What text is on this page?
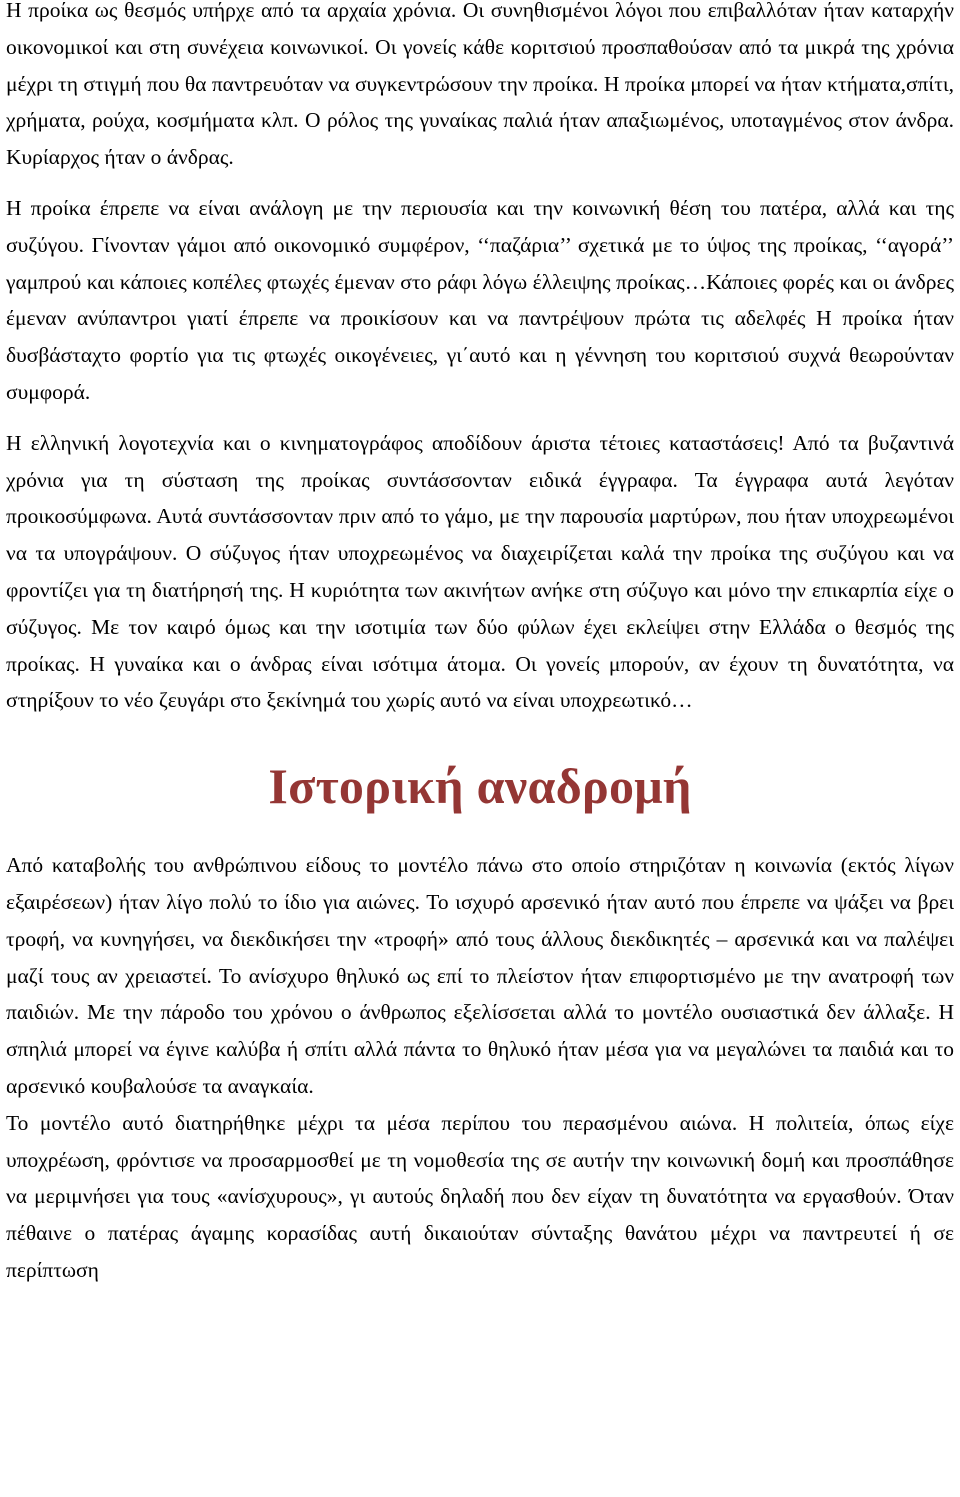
Η προίκα ως θεσμός υπήρχε από τα αρχαία χρόνια. Οι συνηθισμένοι λόγοι που επιβαλλόταν ήταν καταρχήν οικονομικοί και στη συνέχεια κοινωνικοί. Οι γονείς κάθε κοριτσιού προσπαθούσαν από τα μικρά της χρόνια μέχρι τη στιγμή που θα παντρευόταν να συγκεντρώσουν την προίκα. Η προίκα μπορεί να ήταν κτήματα,σπίτι, χρήματα, ρούχα, κοσμήματα κλπ. Ο ρόλος της γυναίκας παλιά ήταν απαξιωμένος, υποταγμένος στον άνδρα. Κυρίαρχος ήταν ο άνδρας.

Η προίκα έπρεπε να είναι ανάλογη με την περιουσία και την κοινωνική θέση του πατέρα, αλλά και της συζύγου. Γίνονταν γάμοι από οικονομικό συμφέρον, ‘‘παζάρια’’ σχετικά με το ύψος της προίκας, ‘‘αγορά’’ γαμπρού και κάποιες κοπέλες φτωχές έμεναν στο ράφι λόγω έλλειψης προίκας…Κάποιες φορές και οι άνδρες έμεναν ανύπαντροι γιατί έπρεπε να προικίσουν και να παντρέψουν πρώτα τις αδελφές Η προίκα ήταν δυσβάσταχτο φορτίο για τις φτωχές οικογένειες, γι΄αυτό και η γέννηση του κοριτσιού συχνά θεωρούνταν συμφορά.

Η ελληνική λογοτεχνία και ο κινηματογράφος αποδίδουν άριστα τέτοιες καταστάσεις! Από τα βυζαντινά χρόνια για τη σύσταση της προίκας συντάσσονταν ειδικά έγγραφα. Τα έγγραφα αυτά λεγόταν προικοσύμφωνα. Αυτά συντάσσονταν πριν από το γάμο, με την παρουσία μαρτύρων, που ήταν υποχρεωμένοι να τα υπογράψουν. Ο σύζυγος ήταν υποχρεωμένος να διαχειρίζεται καλά την προίκα της συζύγου και να φροντίζει για τη διατήρησή της. Η κυριότητα των ακινήτων ανήκε στη σύζυγο και μόνο την επικαρπία είχε ο σύζυγος. Με τον καιρό όμως και την ισοτιμία των δύο φύλων έχει εκλείψει στην Ελλάδα ο θεσμός της προίκας. Η γυναίκα και ο άνδρας είναι ισότιμα άτομα. Οι γονείς μπορούν, αν έχουν τη δυνατότητα, να στηρίξουν το νέο ζευγάρι στο ξεκίνημά του χωρίς αυτό να είναι υποχρεωτικό…

Ιστορική αναδρομή

Από καταβολής του ανθρώπινου είδους το μοντέλο πάνω στο οποίο στηριζόταν η κοινωνία (εκτός λίγων εξαιρέσεων) ήταν λίγο πολύ το ίδιο για αιώνες. Το ισχυρό αρσενικό ήταν αυτό που έπρεπε να ψάξει να βρει τροφή, να κυνηγήσει, να διεκδικήσει την «τροφή» από τους άλλους διεκδικητές – αρσενικά και να παλέψει μαζί τους αν χρειαστεί. Το ανίσχυρο θηλυκό ως επί το πλείστον ήταν επιφορτισμένο με την ανατροφή των παιδιών. Με την πάροδο του χρόνου ο άνθρωπος εξελίσσεται αλλά το μοντέλο ουσιαστικά δεν άλλαξε. Η σπηλιά μπορεί να έγινε καλύβα ή σπίτι αλλά πάντα το θηλυκό ήταν μέσα για να μεγαλώνει τα παιδιά και το αρσενικό κουβαλούσε τα αναγκαία.

Το μοντέλο αυτό διατηρήθηκε μέχρι τα μέσα περίπου του περασμένου αιώνα. Η πολιτεία, όπως είχε υποχρέωση, φρόντισε να προσαρμοσθεί με τη νομοθεσία της σε αυτήν την κοινωνική δομή και προσπάθησε να μεριμνήσει για τους «ανίσχυρους», γι αυτούς δηλαδή που δεν είχαν τη δυνατότητα να εργασθούν. Όταν πέθαινε ο πατέρας άγαμης κορασίδας αυτή δικαιούταν σύνταξης θανάτου μέχρι να παντρευτεί ή σε περίπτωση
